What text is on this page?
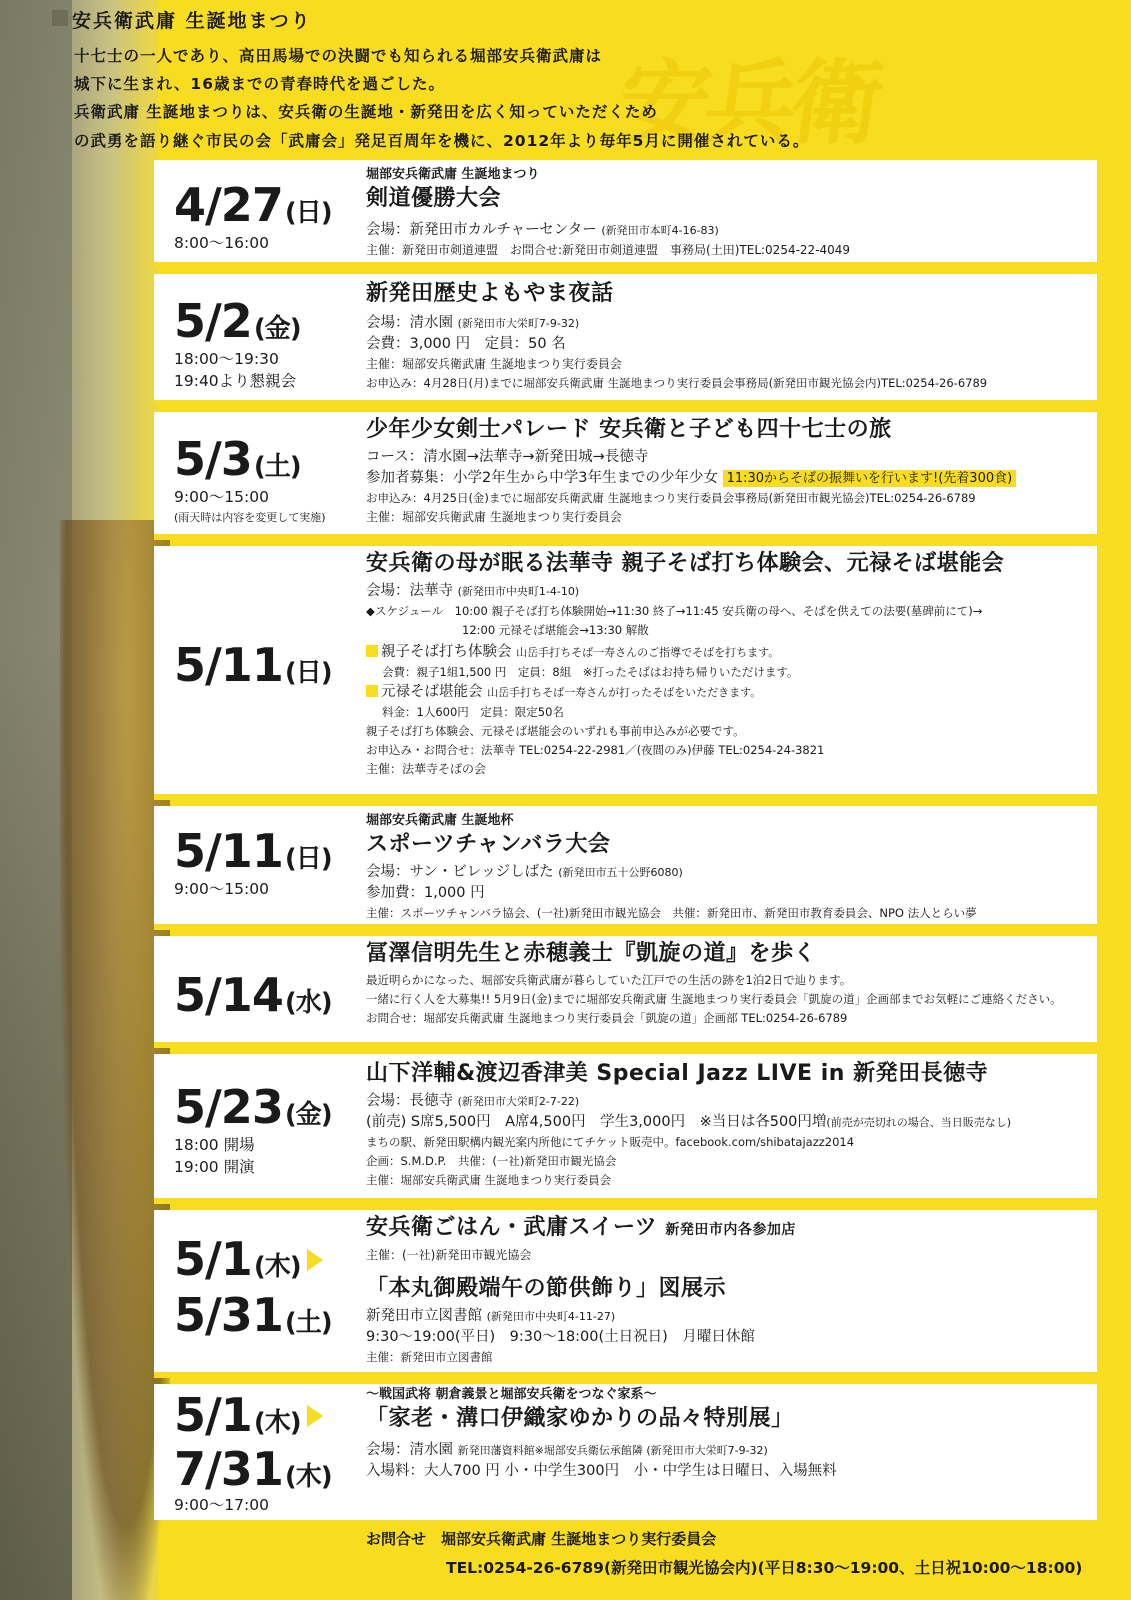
安兵衛
安兵衛武庸 生誕地まつり
十七士の一人であり、高田馬場での決闘でも知られる堀部安兵衛武庸は
城下に生まれ、16歳までの青春時代を過ごした。
兵衛武庸 生誕地まつりは、安兵衛の生誕地・新発田を広く知っていただくため
の武勇を語り継ぐ市民の会「武庸会」発足百周年を機に、2012年より毎年5月に開催されている。
4/27(日)
8:00〜16:00
堀部安兵衛武庸 生誕地まつり
剣道優勝大会
会場：新発田市カルチャーセンター (新発田市本町4-16-83)
主催：新発田市剣道連盟　お問合せ:新発田市剣道連盟　事務局(土田)TEL:0254-22-4049
5/2(金)
18:00〜19:30
19:40より懇親会
新発田歴史よもやま夜話
会場：清水園 (新発田市大栄町7-9-32)
会費：3,000 円　定員：50 名
主催：堀部安兵衛武庸 生誕地まつり実行委員会
お申込み：4月28日(月)までに堀部安兵衛武庸 生誕地まつり実行委員会事務局(新発田市観光協会内)TEL:0254-26-6789
5/3(土)
9:00〜15:00
(雨天時は内容を変更して実施)
少年少女剣士パレード 安兵衛と子ども四十七士の旅
コース：清水園→法華寺→新発田城→長徳寺
参加者募集：小学2年生から中学3年生までの少年少女 11:30からそばの振舞いを行います!(先着300食)
お申込み：4月25日(金)までに堀部安兵衛武庸 生誕地まつり実行委員会事務局(新発田市観光協会)TEL:0254-26-6789
主催：堀部安兵衛武庸 生誕地まつり実行委員会
5/11(日)
安兵衛の母が眠る法華寺 親子そば打ち体験会、元禄そば堪能会
会場：法華寺 (新発田市中央町1-4-10)
◆スケジュール　10:00 親子そば打ち体験開始→11:30 終了→11:45 安兵衛の母へ、そばを供えての法要(墓碑前にて)→
12:00 元禄そば堪能会→13:30 解散
親子そば打ち体験会 山岳手打ちそば一寿さんのご指導でそばを打ちます。
会費：親子1組1,500 円　定員：8組　※打ったそばはお持ち帰りいただけます。
元禄そば堪能会 山岳手打ちそば一寿さんが打ったそばをいただきます。
料金：1人600円　定員：限定50名
親子そば打ち体験会、元禄そば堪能会のいずれも事前申込みが必要です。
お申込み・お問合せ：法華寺 TEL:0254-22-2981／(夜間のみ)伊藤 TEL:0254-24-3821
主催：法華寺そばの会
5/11(日)
9:00〜15:00
堀部安兵衛武庸 生誕地杯
スポーツチャンバラ大会
会場：サン・ビレッジしばた (新発田市五十公野6080)
参加費：1,000 円
主催：スポーツチャンバラ協会、(一社)新発田市観光協会　共催：新発田市、新発田市教育委員会、NPO 法人とらい夢
5/14(水)
冨澤信明先生と赤穂義士『凱旋の道』を歩く
最近明らかになった、堀部安兵衛武庸が暮らしていた江戸での生活の跡を1泊2日で辿ります。
一緒に行く人を大募集!! 5月9日(金)までに堀部安兵衛武庸 生誕地まつり実行委員会「凱旋の道」企画部までお気軽にご連絡ください。
お問合せ：堀部安兵衛武庸 生誕地まつり実行委員会「凱旋の道」企画部 TEL:0254-26-6789
5/23(金)
18:00 開場
19:00 開演
山下洋輔&渡辺香津美 Special Jazz LIVE in 新発田長徳寺
会場：長徳寺 (新発田市大栄町2-7-22)
(前売) S席5,500円　A席4,500円　学生3,000円　※当日は各500円増(前売が売切れの場合、当日販売なし)
まちの駅、新発田駅構内観光案内所他にてチケット販売中。facebook.com/shibatajazz2014
企画：S.M.D.P.　共催：(一社)新発田市観光協会
主催：堀部安兵衛武庸 生誕地まつり実行委員会
5/1(木)
5/31(土)
安兵衛ごはん・武庸スイーツ 新発田市内各参加店
主催：(一社)新発田市観光協会
「本丸御殿端午の節供飾り」図展示
新発田市立図書館 (新発田市中央町4-11-27)
9:30〜19:00(平日)　9:30〜18:00(土日祝日)　月曜日休館
主催：新発田市立図書館
5/1(木)
7/31(木)
9:00〜17:00
〜戦国武将 朝倉義景と堀部安兵衛をつなぐ家系〜
「家老・溝口伊織家ゆかりの品々特別展」
会場：清水園 新発田藩資料館※堀部安兵衛伝承館隣 (新発田市大栄町7-9-32)
入場料：大人700 円 小・中学生300円　小・中学生は日曜日、入場無料
お問合せ　堀部安兵衛武庸 生誕地まつり実行委員会
TEL:0254-26-6789(新発田市観光協会内)(平日8:30〜19:00、土日祝10:00〜18:00)
